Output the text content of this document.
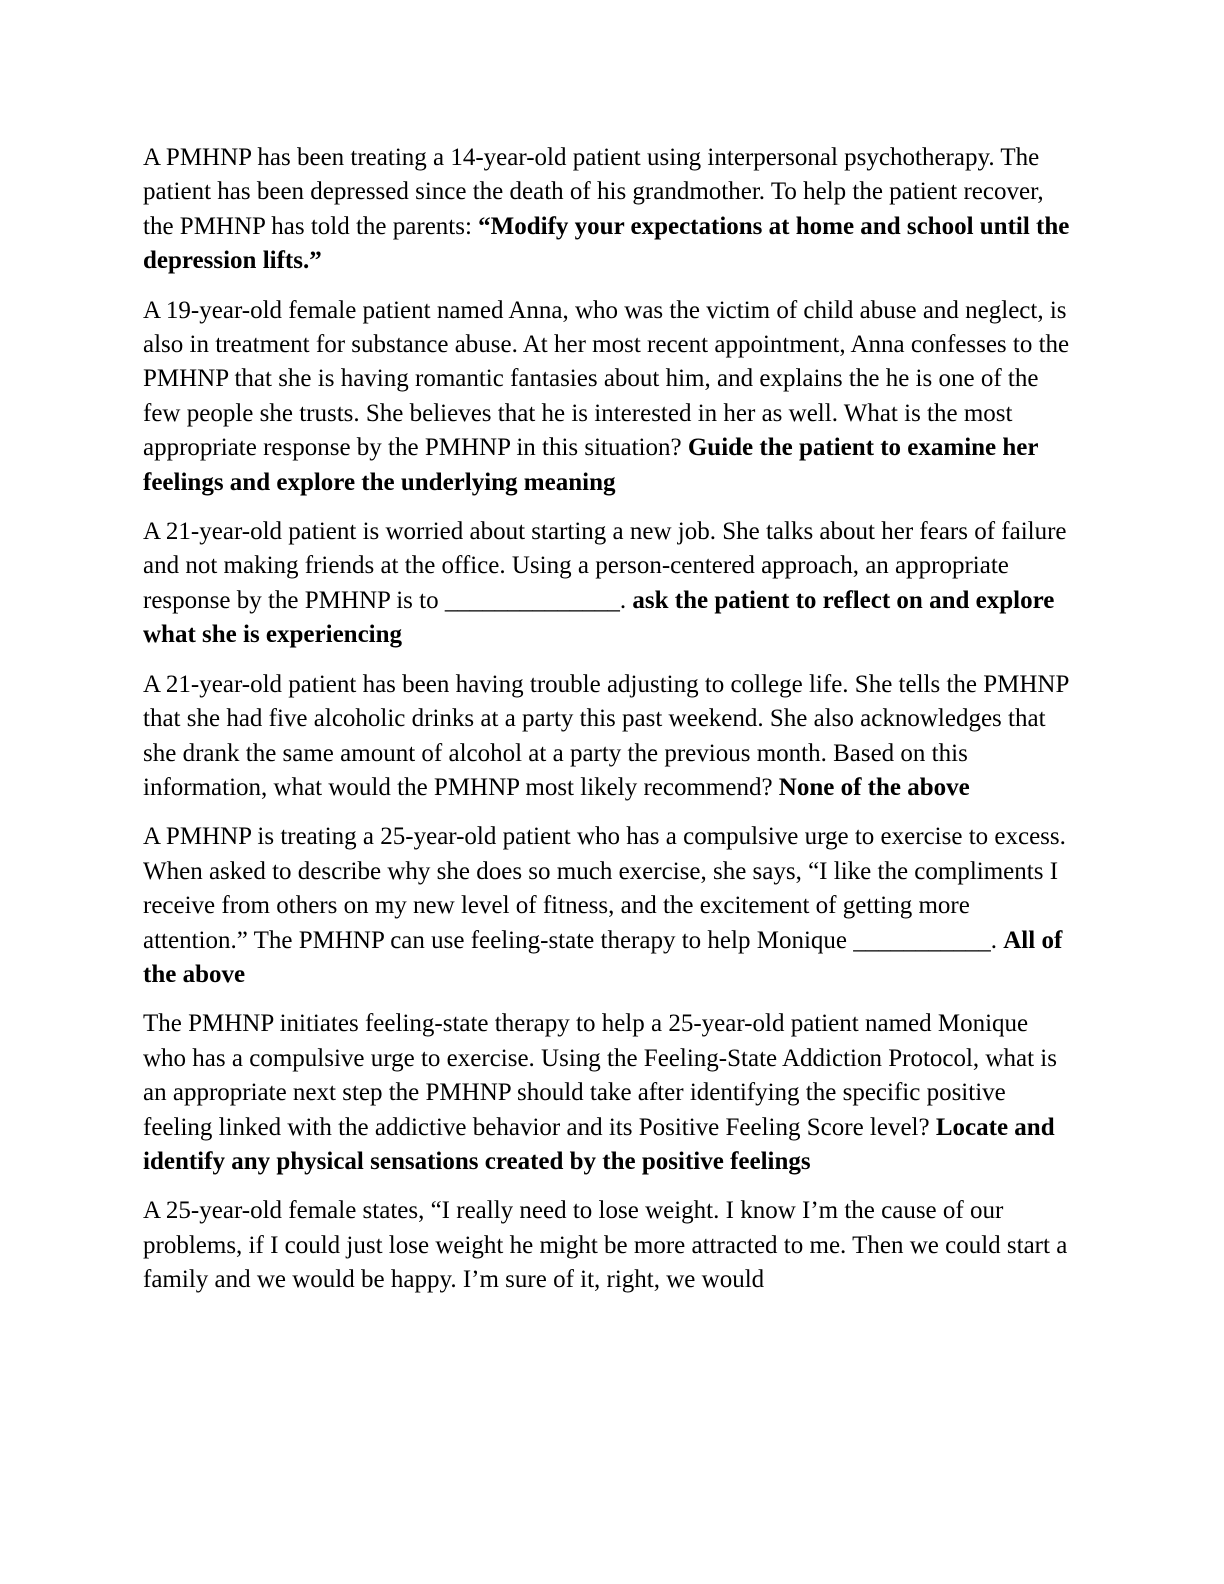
A PMHNP has been treating a 14-year-old patient using interpersonal psychotherapy. The patient has been depressed since the death of his grandmother. To help the patient recover, the PMHNP has told the parents: “Modify your expectations at home and school until the depression lifts.”

A 19-year-old female patient named Anna, who was the victim of child abuse and neglect, is also in treatment for substance abuse. At her most recent appointment, Anna confesses to the PMHNP that she is having romantic fantasies about him, and explains the he is one of the few people she trusts. She believes that he is interested in her as well. What is the most appropriate response by the PMHNP in this situation? Guide the patient to examine her feelings and explore the underlying meaning

A 21-year-old patient is worried about starting a new job. She talks about her fears of failure and not making friends at the office. Using a person-centered approach, an appropriate response by the PMHNP is to ______________. ask the patient to reflect on and explore what she is experiencing

A 21-year-old patient has been having trouble adjusting to college life. She tells the PMHNP that she had five alcoholic drinks at a party this past weekend. She also acknowledges that she drank the same amount of alcohol at a party the previous month. Based on this information, what would the PMHNP most likely recommend? None of the above

A PMHNP is treating a 25-year-old patient who has a compulsive urge to exercise to excess. When asked to describe why she does so much exercise, she says, “I like the compliments I receive from others on my new level of fitness, and the excitement of getting more attention.” The PMHNP can use feeling-state therapy to help Monique ___________. All of the above

The PMHNP initiates feeling-state therapy to help a 25-year-old patient named Monique who has a compulsive urge to exercise. Using the Feeling-State Addiction Protocol, what is an appropriate next step the PMHNP should take after identifying the specific positive feeling linked with the addictive behavior and its Positive Feeling Score level? Locate and identify any physical sensations created by the positive feelings

A 25-year-old female states, “I really need to lose weight. I know I’m the cause of our problems, if I could just lose weight he might be more attracted to me. Then we could start a family and we would be happy. I’m sure of it, right, we would
